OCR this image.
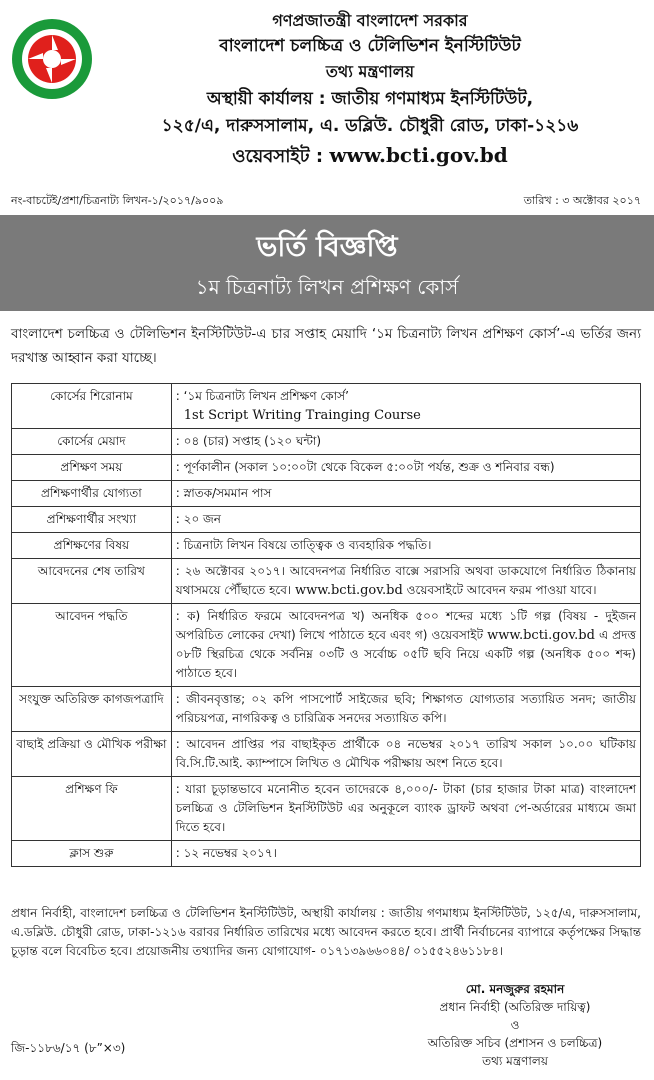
গণপ্রজাতন্ত্রী বাংলাদেশ সরকার
বাংলাদেশ চলচ্চিত্র ও টেলিভিশন ইনস্টিটিউট
তথ্য মন্ত্রণালয়
অস্থায়ী কার্যালয় : জাতীয় গণমাধ্যম ইনস্টিটিউট,
১২৫/এ, দারুসসালাম, এ. ডব্লিউ. চৌধুরী রোড, ঢাকা-১২১৬
ওয়েবসাইট : www.bcti.gov.bd
নং-বাচটেই/প্রশা/চিত্রনাট্য লিখন-১/২০১৭/৯০০৯	তারিখ : ৩ অক্টোবর ২০১৭
ভর্তি বিজ্ঞপ্তি
১ম চিত্রনাট্য লিখন প্রশিক্ষণ কোর্স
বাংলাদেশ চলচ্চিত্র ও টেলিভিশন ইনস্টিটিউট-এ চার সপ্তাহ মেয়াদি ‘১ম চিত্রনাট্য লিখন প্রশিক্ষণ কোর্স’-এ ভর্তির জন্য দরখাস্ত আহ্বান করা যাচ্ছে।
কোর্সের শিরোনাম	: ‘১ম চিত্রনাট্য লিখন প্রশিক্ষণ কোর্স’
1st Script Writing Trainging Course

কোর্সের মেয়াদ	: ০৪ (চার) সপ্তাহ (১২০ ঘন্টা)
প্রশিক্ষণ সময়	: পূর্ণকালীন (সকাল ১০:০০টা থেকে বিকেল ৫:০০টা পর্যন্ত, শুক্র ও শনিবার বন্ধ)
প্রশিক্ষণার্থীর যোগ্যতা	: স্নাতক/সমমান পাস
প্রশিক্ষণার্থীর সংখ্যা	: ২০ জন
প্রশিক্ষণের বিষয়	: চিত্রনাট্য লিখন বিষয়ে তাত্ত্বিক ও ব্যবহারিক পদ্ধতি।
আবেদনের শেষ তারিখ	: ২৬ অক্টোবর ২০১৭। আবেদনপত্র নির্ধারিত বাক্সে সরাসরি অথবা ডাকযোগে নির্ধারিত ঠিকানায় যথাসময়ে পৌঁছাতে হবে। www.bcti.gov.bd ওয়েবসাইটে আবেদন ফরম পাওয়া যাবে।
আবেদন পদ্ধতি	: ক) নির্ধারিত ফরমে আবেদনপত্র খ) অনধিক ৫০০ শব্দের মধ্যে ১টি গল্প (বিষয় - দুইজন অপরিচিত লোকের দেখা) লিখে পাঠাতে হবে এবং গ) ওয়েবসাইট www.bcti.gov.bd এ প্রদত্ত ০৮টি স্থিরচিত্র থেকে সর্বনিম্ন ০৩টি ও সর্বোচ্চ ০৫টি ছবি নিয়ে একটি গল্প (অনধিক ৫০০ শব্দ) পাঠাতে হবে।
সংযুক্ত অতিরিক্ত কাগজপত্রাদি	: জীবনবৃত্তান্ত; ০২ কপি পাসপোর্ট সাইজের ছবি; শিক্ষাগত যোগ্যতার সত্যায়িত সনদ; জাতীয় পরিচয়পত্র, নাগরিকত্ব ও চারিত্রিক সনদের সত্যায়িত কপি।
বাছাই প্রক্রিয়া ও মৌখিক পরীক্ষা	: আবেদন প্রাপ্তির পর বাছাইকৃত প্রার্থীকে ০৪ নভেম্বর ২০১৭ তারিখ সকাল ১০.০০ ঘটিকায় বি.সি.টি.আই. ক্যাম্পাসে লিখিত ও মৌখিক পরীক্ষায় অংশ নিতে হবে।
প্রশিক্ষণ ফি	: যারা চূড়ান্তভাবে মনোনীত হবেন তাদেরকে ৪,০০০/- টাকা (চার হাজার টাকা মাত্র) বাংলাদেশ চলচ্চিত্র ও টেলিভিশন ইনস্টিটিউট এর অনুকূলে ব্যাংক ড্রাফট অথবা পে-অর্ডারের মাধ্যমে জমা দিতে হবে।
ক্লাস শুরু	: ১২ নভেম্বর ২০১৭।
প্রধান নির্বাহী, বাংলাদেশ চলচ্চিত্র ও টেলিভিশন ইনস্টিটিউট, অস্থায়ী কার্যালয় : জাতীয় গণমাধ্যম ইনস্টিটিউট, ১২৫/এ, দারুসসালাম, এ.ডব্লিউ. চৌধুরী রোড, ঢাকা-১২১৬ বরাবর নির্ধারিত তারিখের মধ্যে আবেদন করতে হবে। প্রার্থী নির্বাচনের ব্যাপারে কর্তৃপক্ষের সিদ্ধান্ত চূড়ান্ত বলে বিবেচিত হবে। প্রয়োজনীয় তথ্যাদির জন্য যোগাযোগ- ০১৭১৩৯৬৬০৪৪/ ০১৫৫২৪৬১১৮৪।
মো. মনজুরুর রহমান
প্রধান নির্বাহী (অতিরিক্ত দায়িত্ব)
ও
অতিরিক্ত সচিব (প্রশাসন ও চলচ্চিত্র)
তথ্য মন্ত্রণালয়
জি-১১৮৬/১৭ (৮”×৩)
